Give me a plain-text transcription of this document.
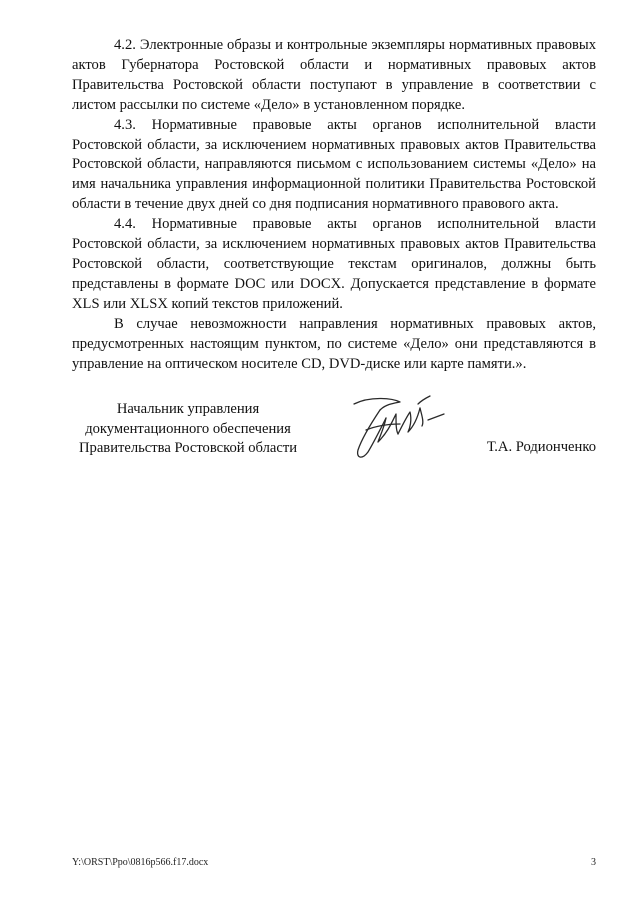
4.2. Электронные образы и контрольные экземпляры нормативных правовых актов Губернатора Ростовской области и нормативных правовых актов Правительства Ростовской области поступают в управление в соответствии с листом рассылки по системе «Дело» в установленном порядке.

4.3. Нормативные правовые акты органов исполнительной власти Ростовской области, за исключением нормативных правовых актов Правительства Ростовской области, направляются письмом с использованием системы «Дело» на имя начальника управления информационной политики Правительства Ростовской области в течение двух дней со дня подписания нормативного правового акта.

4.4. Нормативные правовые акты органов исполнительной власти Ростовской области, за исключением нормативных правовых актов Правительства Ростовской области, соответствующие текстам оригиналов, должны быть представлены в формате DOC или DOCX. Допускается представление в формате XLS или XLSX копий текстов приложений.

В случае невозможности направления нормативных правовых актов, предусмотренных настоящим пунктом, по системе «Дело» они представляются в управление на оптическом носителе CD, DVD-диске или карте памяти.».

Начальник управления
документационного обеспечения
Правительства Ростовской области	Т.А. Родионченко
Y:\ORST\Ppo\0816p566.f17.docx	3
